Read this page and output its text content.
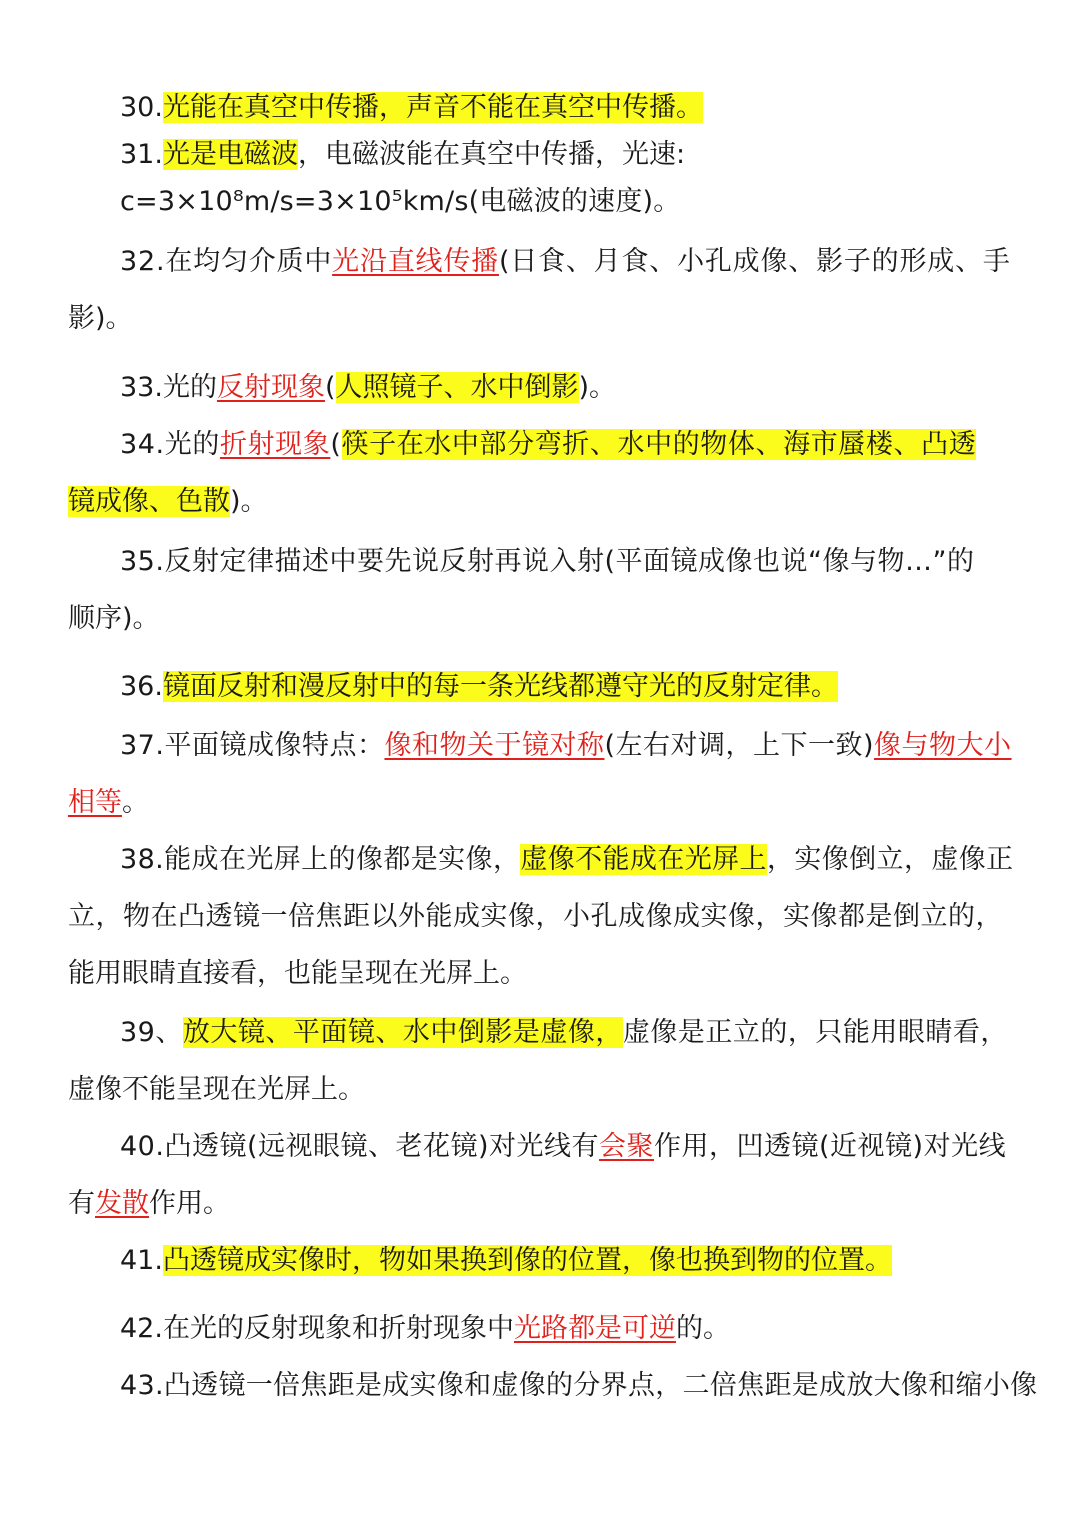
30.光能在真空中传播，声音不能在真空中传播。
31.光是电磁波，电磁波能在真空中传播，光速:
c=3×10⁸m/s=3×10⁵km/s(电磁波的速度)。
32.在均匀介质中光沿直线传播(日食、月食、小孔成像、影子的形成、手
影)。
33.光的反射现象(人照镜子、水中倒影)。
34.光的折射现象(筷子在水中部分弯折、水中的物体、海市蜃楼、凸透
镜成像、色散)。
35.反射定律描述中要先说反射再说入射(平面镜成像也说“像与物…”的
顺序)。
36.镜面反射和漫反射中的每一条光线都遵守光的反射定律。
37.平面镜成像特点：像和物关于镜对称(左右对调，上下一致)像与物大小
相等。
38.能成在光屏上的像都是实像，虚像不能成在光屏上，实像倒立，虚像正
立，物在凸透镜一倍焦距以外能成实像，小孔成像成实像，实像都是倒立的，
能用眼睛直接看，也能呈现在光屏上。
39、放大镜、平面镜、水中倒影是虚像，虚像是正立的，只能用眼睛看，
虚像不能呈现在光屏上。
40.凸透镜(远视眼镜、老花镜)对光线有会聚作用，凹透镜(近视镜)对光线
有发散作用。
41.凸透镜成实像时，物如果换到像的位置，像也换到物的位置。
42.在光的反射现象和折射现象中光路都是可逆的。
43.凸透镜一倍焦距是成实像和虚像的分界点，二倍焦距是成放大像和缩小像
